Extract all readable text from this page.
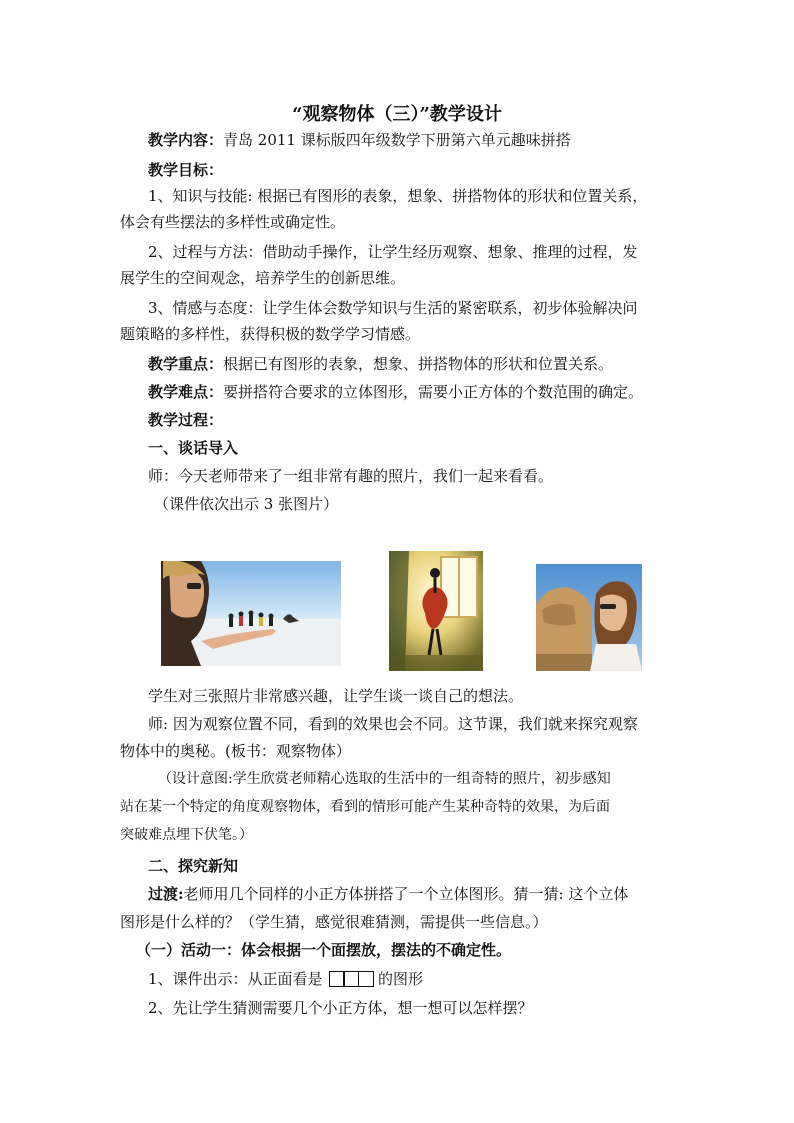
“观察物体（三）”教学设计
教学内容：青岛 2011 课标版四年级数学下册第六单元趣味拼搭
教学目标：
1、知识与技能: 根据已有图形的表象，想象、拼搭物体的形状和位置关系，
体会有些摆法的多样性或确定性。
2、过程与方法：借助动手操作，让学生经历观察、想象、推理的过程，发
展学生的空间观念，培养学生的创新思维。
3、情感与态度：让学生体会数学知识与生活的紧密联系，初步体验解决问
题策略的多样性，获得积极的数学学习情感。
教学重点：根据已有图形的表象，想象、拼搭物体的形状和位置关系。
教学难点：要拼搭符合要求的立体图形，需要小正方体的个数范围的确定。
教学过程：
一、谈话导入
师：今天老师带来了一组非常有趣的照片，我们一起来看看。
（课件依次出示 3 张图片）
学生对三张照片非常感兴趣，让学生谈一谈自己的想法。
师: 因为观察位置不同，看到的效果也会不同。这节课，我们就来探究观察
物体中的奥秘。(板书：观察物体）
（设计意图:学生欣赏老师精心选取的生活中的一组奇特的照片，初步感知
站在某一个特定的角度观察物体，看到的情形可能产生某种奇特的效果，为后面
突破难点埋下伏笔。）
二、探究新知
过渡:老师用几个同样的小正方体拼搭了一个立体图形。猜一猜: 这个立体
图形是什么样的？（学生猜，感觉很难猜测，需提供一些信息。）
（一）活动一：体会根据一个面摆放，摆法的不确定性。
1、课件出示：从正面看是	的图形
2、先让学生猜测需要几个小正方体，想一想可以怎样摆？
